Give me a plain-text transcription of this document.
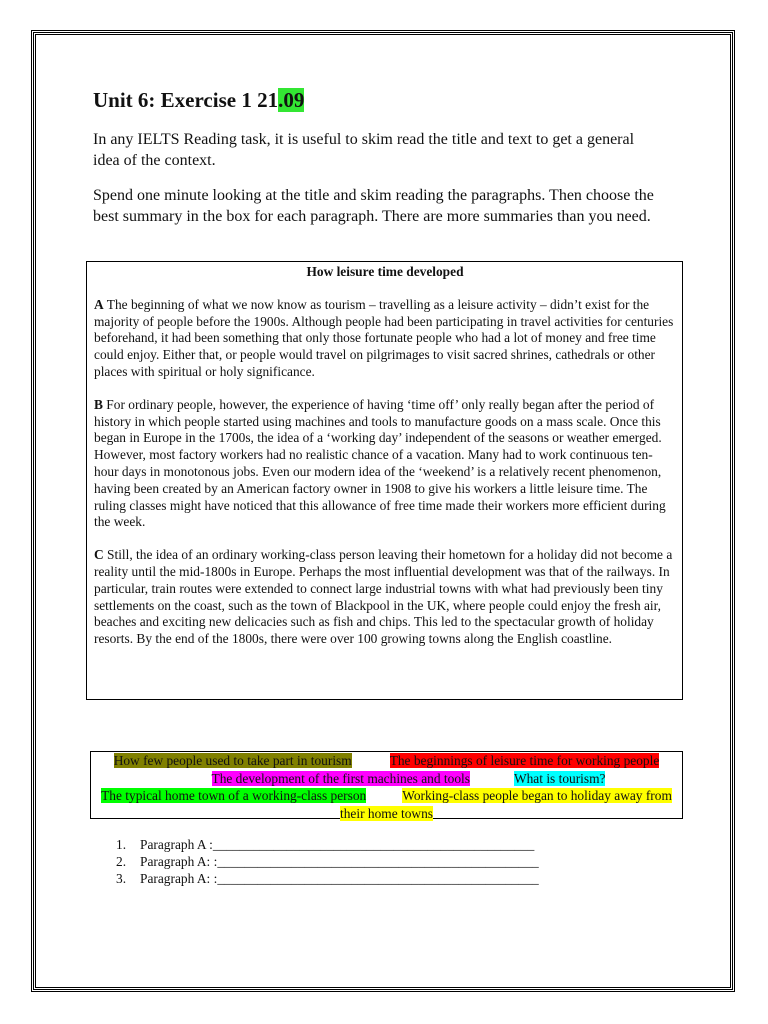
Unit 6: Exercise 1 21.09

In any IELTS Reading task, it is useful to skim read the title and text to get a general idea of the context.

Spend one minute looking at the title and skim reading the paragraphs. Then choose the best summary in the box for each paragraph. There are more summaries than you need.

How leisure time developed

A The beginning of what we now know as tourism – travelling as a leisure activity – didn’t exist for the majority of people before the 1900s. Although people had been participating in travel activities for centuries beforehand, it had been something that only those fortunate people who had a lot of money and free time could enjoy. Either that, or people would travel on pilgrimages to visit sacred shrines, cathedrals or other places with spiritual or holy significance.

B For ordinary people, however, the experience of having ‘time off’ only really began after the period of history in which people started using machines and tools to manufacture goods on a mass scale. Once this began in Europe in the 1700s, the idea of a ‘working day’ independent of the seasons or weather emerged. However, most factory workers had no realistic chance of a vacation. Many had to work continuous ten-hour days in monotonous jobs. Even our modern idea of the ‘weekend’ is a relatively recent phenomenon, having been created by an American factory owner in 1908 to give his workers a little leisure time. The ruling classes might have noticed that this allowance of free time made their workers more efficient during the week.

C Still, the idea of an ordinary working-class person leaving their hometown for a holiday did not become a reality until the mid-1800s in Europe. Perhaps the most influential development was that of the railways. In particular, train routes were extended to connect large industrial towns with what had previously been tiny settlements on the coast, such as the town of Blackpool in the UK, where people could enjoy the fresh air, beaches and exciting new delicacies such as fish and chips. This led to the spectacular growth of holiday resorts. By the end of the 1800s, there were over 100 growing towns along the English coastline.

How few people used to take part in tourism	The beginnings of leisure time for working peopleThe development of the first machines and tools	What is tourism?
The typical home town of a working-class person	Working-class people began to holiday away from their home towns
1. Paragraph A :________________________________________________
2. Paragraph A: :________________________________________________
3. Paragraph A: :________________________________________________
